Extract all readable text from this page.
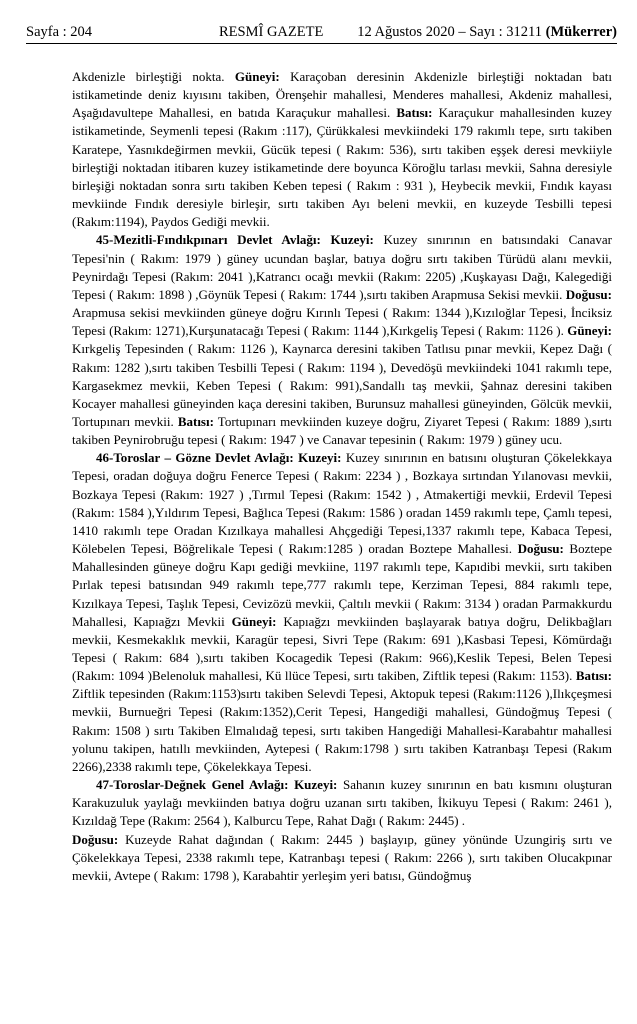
Sayfa : 204	RESMÎ GAZETE 12 Ağustos 2020 – Sayı : 31211 (Mükerrer)

Akdenizle birleştiği nokta. Güneyi: Karaçoban deresinin Akdenizle birleştiği noktadan batı istikametinde deniz kıyısını takiben, Örenşehir mahallesi, Menderes mahallesi, Akdeniz mahallesi, Aşağıdavultepe Mahallesi, en batıda Karaçukur mahallesi. Batısı: Karaçukur mahallesinden kuzey istikametinde, Seymenli tepesi (Rakım :117), Çürükkalesi mevkiindeki 179 rakımlı tepe, sırtı takiben Karatepe, Yasnıkdeğirmen mevkii, Gücük tepesi ( Rakım: 536), sırtı takiben eşşek deresi mevkiiyle birleştiği noktadan itibaren kuzey istikametinde dere boyunca Köroğlu tarlası mevkii, Sahna deresiyle birleşiği noktadan sonra sırtı takiben Keben tepesi ( Rakım : 931 ), Heybecik mevkii, Fındık kayası mevkiinde Fındık deresiyle birleşir, sırtı takiben Ayı beleni mevkii, en kuzeyde Tesbilli tepesi (Rakım:1194), Paydos Gediği mevkii.

45-Mezitli-Fındıkpınarı Devlet Avlağı: Kuzeyi: Kuzey sınırının en batısındaki Canavar Tepesi'nin ( Rakım: 1979 ) güney ucundan başlar, batıya doğru sırtı takiben Türüdü alanı mevkii, Peynirdağı Tepesi (Rakım: 2041 ),Katrancı ocağı mevkii (Rakım: 2205) ,Kuşkayası Dağı, Kalegediği Tepesi ( Rakım: 1898 ) ,Göynük Tepesi ( Rakım: 1744 ),sırtı takiben Arapmusa Sekisi mevkii. Doğusu: Arapmusa sekisi mevkiinden güneye doğru Kırınlı Tepesi ( Rakım: 1344 ),Kızıloğlar Tepesi, İnciksiz Tepesi (Rakım: 1271),Kurşunatacağı Tepesi ( Rakım: 1144 ),Kırkgeliş Tepesi ( Rakım: 1126 ). Güneyi: Kırkgeliş Tepesinden ( Rakım: 1126 ), Kaynarca deresini takiben Tatlısu pınar mevkii, Kepez Dağı ( Rakım: 1282 ),sırtı takiben Tesbilli Tepesi ( Rakım: 1194 ), Devedöşü mevkiindeki 1041 rakımlı tepe, Kargasekmez mevkii, Keben Tepesi ( Rakım: 991),Sandallı taş mevkii, Şahnaz deresini takiben Kocayer mahallesi güneyinden kaça deresini takiben, Burunsuz mahallesi güneyinden, Gölcük mevkii, Tortupınarı mevkii. Batısı: Tortupınarı mevkiinden kuzeye doğru, Ziyaret Tepesi ( Rakım: 1889 ),sırtı takiben Peynirobruğu tepesi ( Rakım: 1947 ) ve Canavar tepesinin ( Rakım: 1979 ) güney ucu.

46-Toroslar – Gözne Devlet Avlağı: Kuzeyi: Kuzey sınırının en batısını oluşturan Çökelekkaya Tepesi, oradan doğuya doğru Fenerce Tepesi ( Rakım: 2234 ) , Bozkaya sırtından Yılanovası mevkii, Bozkaya Tepesi (Rakım: 1927 ) ,Tırmıl Tepesi (Rakım: 1542 ) , Atmakertiği mevkii, Erdevil Tepesi (Rakım: 1584 ),Yıldırım Tepesi, Bağlıca Tepesi (Rakım: 1586 ) oradan 1459 rakımlı tepe, Çamlı tepesi, 1410 rakımlı tepe Oradan Kızılkaya mahallesi Ahçgediği Tepesi,1337 rakımlı tepe, Kabaca Tepesi, Kölebelen Tepesi, Böğrelikale Tepesi ( Rakım:1285 ) oradan Boztepe Mahallesi. Doğusu: Boztepe Mahallesinden güneye doğru Kapı gediği mevkiine, 1197 rakımlı tepe, Kapıdibi mevkii, sırtı takiben Pırlak tepesi batısından 949 rakımlı tepe,777 rakımlı tepe, Kerziman Tepesi, 884 rakımlı tepe, Kızılkaya Tepesi, Taşlık Tepesi, Cevizözü mevkii, Çaltılı mevkii ( Rakım: 3134 ) oradan Parmakkurdu Mahallesi, Kapıağzı Mevkii Güneyi: Kapıağzı mevkiinden başlayarak batıya doğru, Delikbağları mevkii, Kesmekaklık mevkii, Karagür tepesi, Sivri Tepe (Rakım: 691 ),Kasbasi Tepesi, Kömürdağı Tepesi ( Rakım: 684 ),sırtı takiben Kocagedik Tepesi (Rakım: 966),Keslik Tepesi, Belen Tepesi (Rakım: 1094 )Belenoluk mahallesi, Kü llüce Tepesi, sırtı takiben, Ziftlik tepesi (Rakım: 1153). Batısı: Ziftlik tepesinden (Rakım:1153)sırtı takiben Selevdi Tepesi, Aktopuk tepesi (Rakım:1126 ),Ilıkçeşmesi mevkii, Burnueğri Tepesi (Rakım:1352),Cerit Tepesi, Hangediği mahallesi, Gündoğmuş Tepesi ( Rakım: 1508 ) sırtı Takiben Elmalıdağ tepesi, sırtı takiben Hangediği Mahallesi-Karabahtır mahallesi yolunu takipen, hatıllı mevkiinden, Aytepesi ( Rakım:1798 ) sırtı takiben Katranbaşı Tepesi (Rakım 2266),2338 rakımlı tepe, Çökelekkaya Tepesi.

47-Toroslar-Değnek Genel Avlağı: Kuzeyi: Sahanın kuzey sınırının en batı kısmını oluşturan Karakuzuluk yaylağı mevkiinden batıya doğru uzanan sırtı takiben, İkikuyu Tepesi ( Rakım: 2461 ), Kızıldağ Tepe (Rakım: 2564 ), Kalburcu Tepe, Rahat Dağı ( Rakım: 2445) .

Doğusu: Kuzeyde Rahat dağından ( Rakım: 2445 ) başlayıp, güney yönünde Uzungiriş sırtı ve Çökelekkaya Tepesi, 2338 rakımlı tepe, Katranbaşı tepesi ( Rakım: 2266 ), sırtı takiben Olucakpınar mevkii, Avtepe ( Rakım: 1798 ), Karabahtir yerleşim yeri batısı, Gündoğmuş
